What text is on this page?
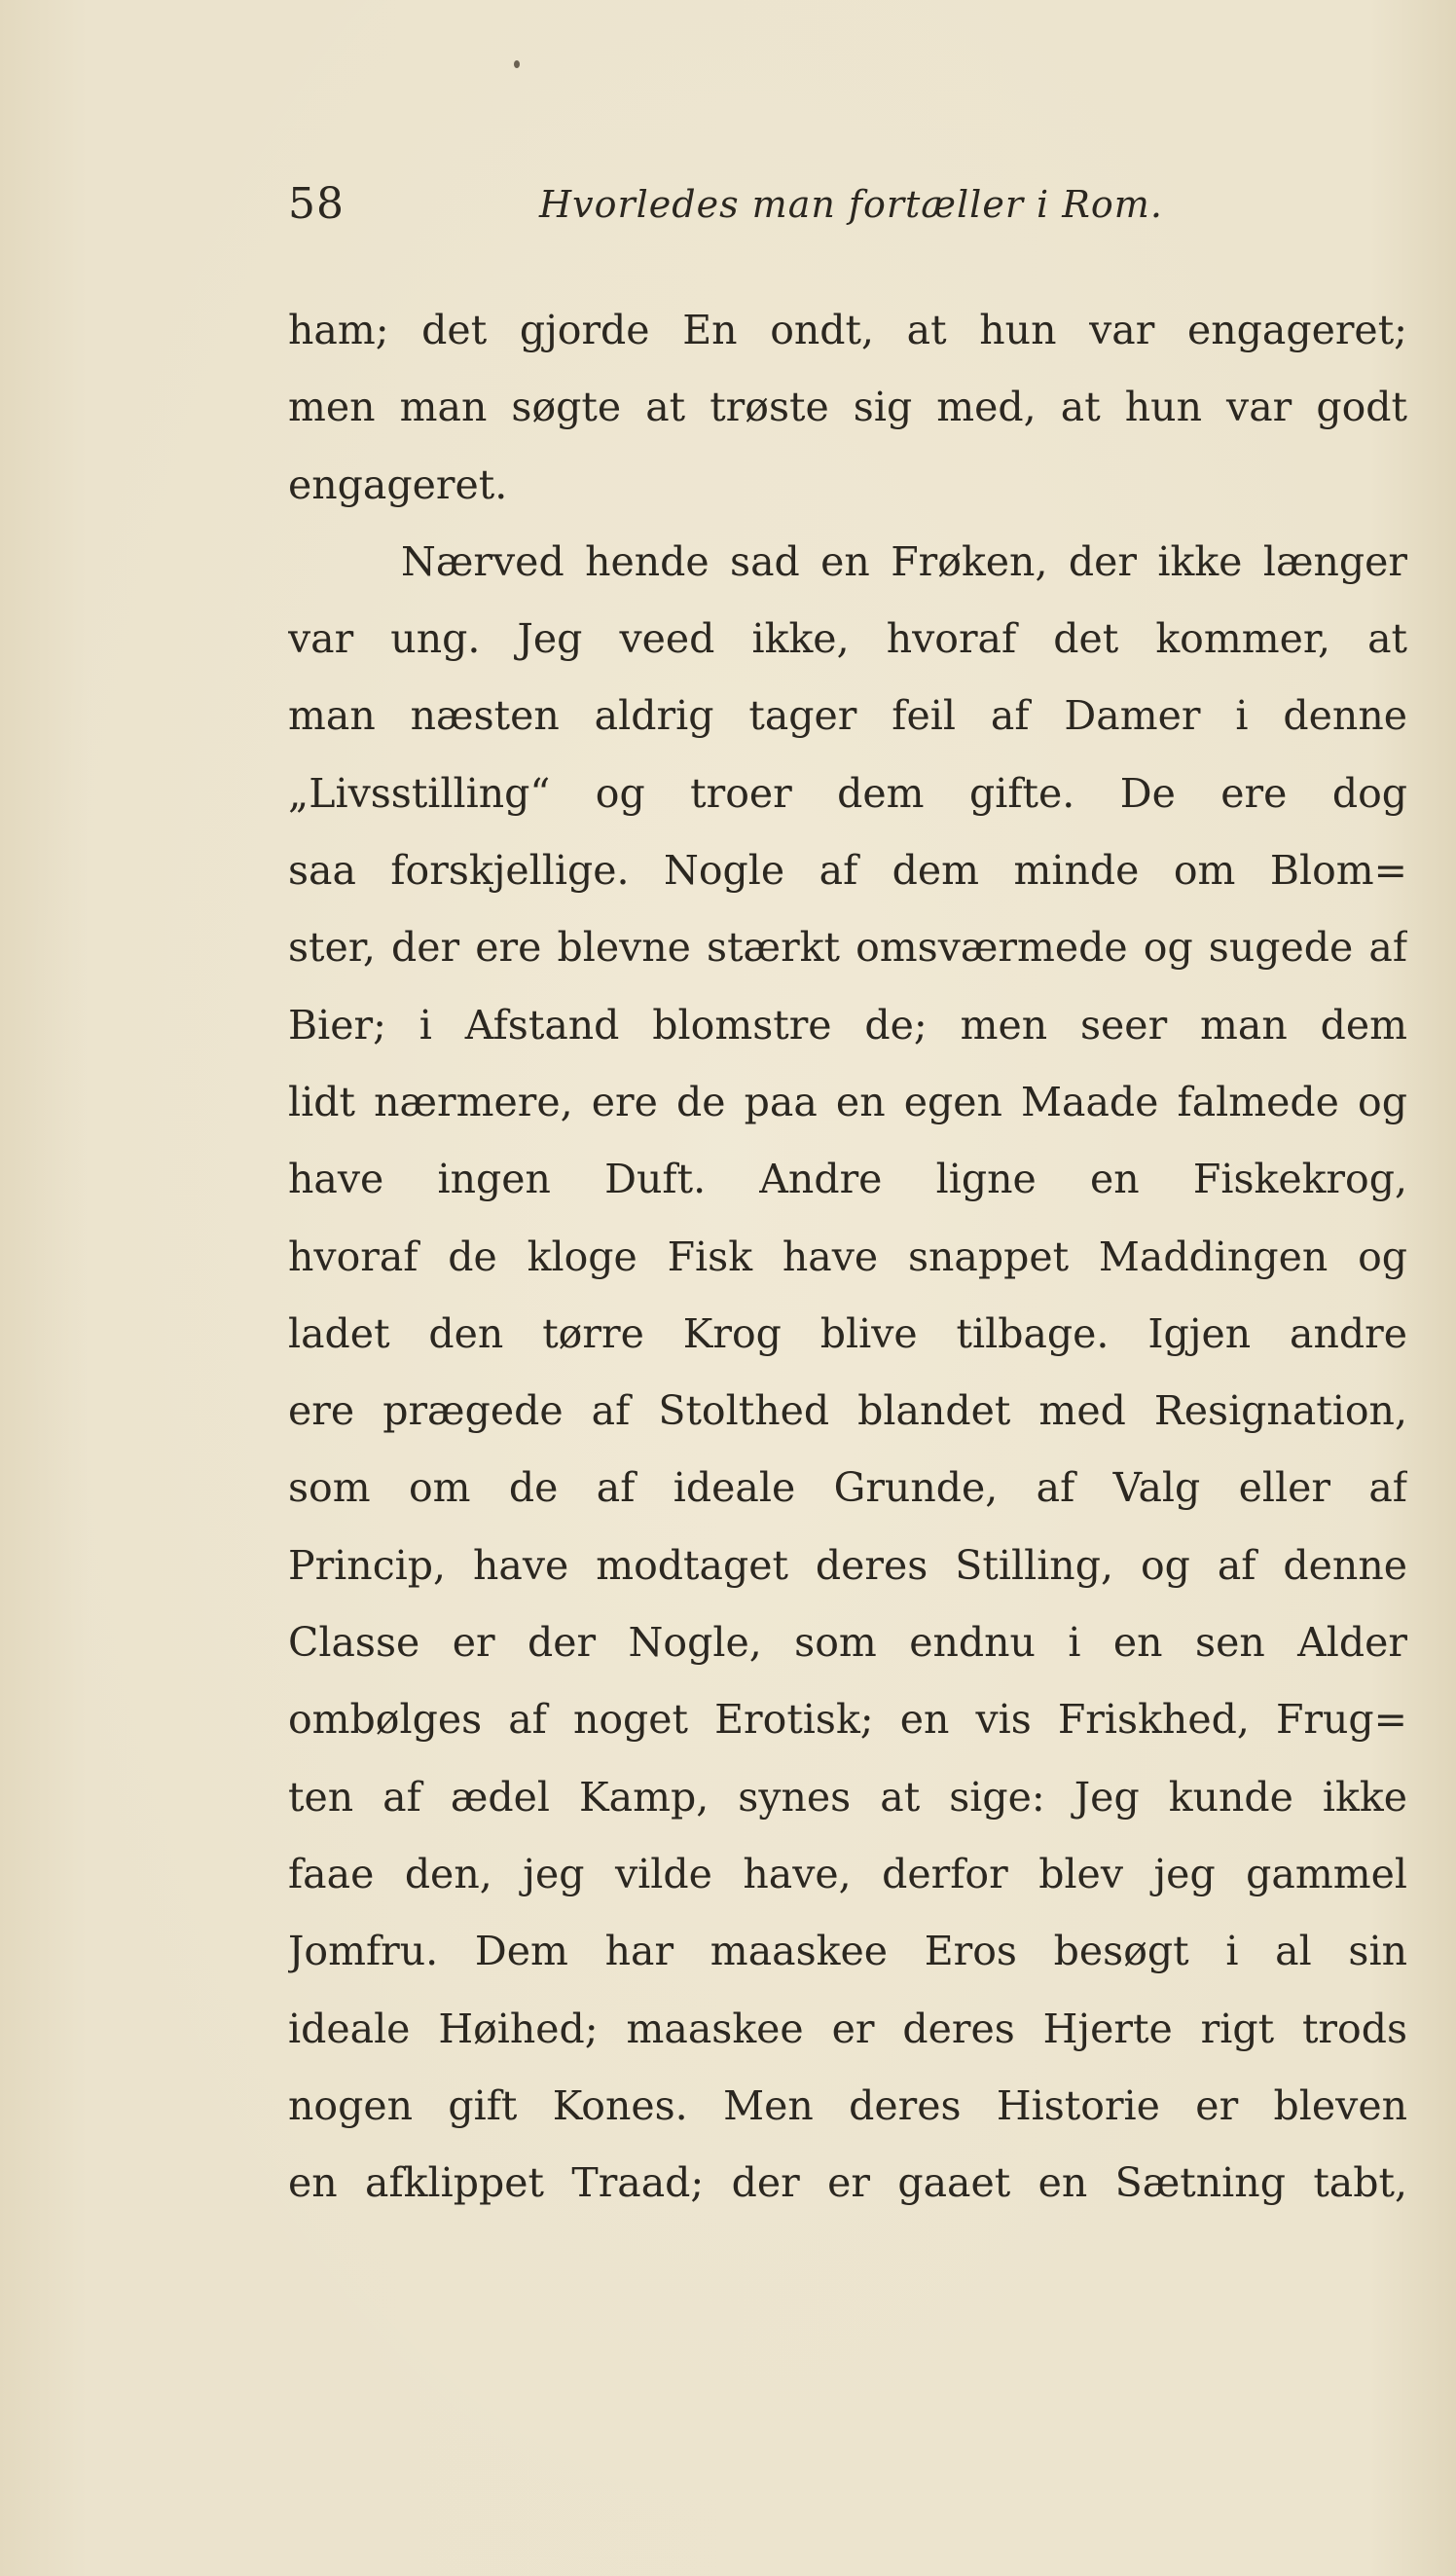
58	Hvorledes man fortæller i Rom.
ham; det gjorde En ondt, at hun var engageret;
men man søgte at trøste sig med, at hun var godt
engageret.
Nærved hende sad en Frøken, der ikke længer
var ung. Jeg veed ikke, hvoraf det kommer, at
man næsten aldrig tager feil af Damer i denne
„Livsstilling“ og troer dem gifte. De ere dog
saa forskjellige. Nogle af dem minde om Blom=
ster, der ere blevne stærkt omsværmede og sugede af
Bier; i Afstand blomstre de; men seer man dem
lidt nærmere, ere de paa en egen Maade falmede og
have ingen Duft. Andre ligne en Fiskekrog,
hvoraf de kloge Fisk have snappet Maddingen og
ladet den tørre Krog blive tilbage. Igjen andre
ere prægede af Stolthed blandet med Resignation,
som om de af ideale Grunde, af Valg eller af
Princip, have modtaget deres Stilling, og af denne
Classe er der Nogle, som endnu i en sen Alder
ombølges af noget Erotisk; en vis Friskhed, Frug=
ten af ædel Kamp, synes at sige: Jeg kunde ikke
faae den, jeg vilde have, derfor blev jeg gammel
Jomfru. Dem har maaskee Eros besøgt i al sin
ideale Høihed; maaskee er deres Hjerte rigt trods
nogen gift Kones. Men deres Historie er bleven
en afklippet Traad; der er gaaet en Sætning tabt,
